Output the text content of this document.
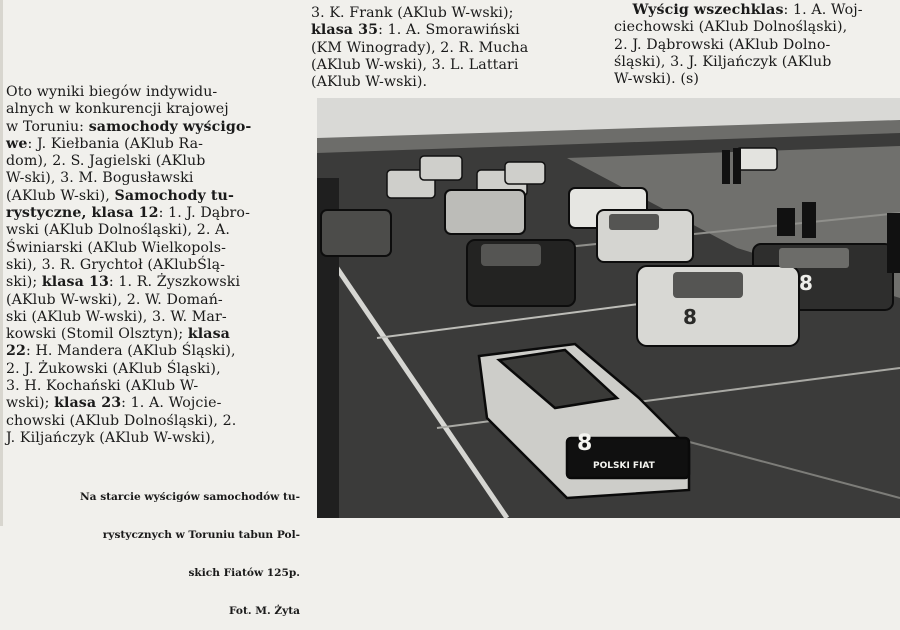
Oto wyniki biegów indywidu-
alnych w konkurencji krajowej
w Toruniu: samochody wyścigo-
we: J. Kiełbania (AKlub Ra-
dom), 2. S. Jagielski (AKlub
W-ski), 3. M. Bogusławski
(AKlub W-ski), Samochody tu-
rystyczne, klasa 12: 1. J. Dąbro-
wski (AKlub Dolnośląski), 2. A.
Świniarski (AKlub Wielkopols-
ski), 3. R. Grychtoł (AKlubŚlą-
ski); klasa 13: 1. R. Żyszkowski
(AKlub W-wski), 2. W. Domań-
ski (AKlub W-wski), 3. W. Mar-
kowski (Stomil Olsztyn); klasa
22: H. Mandera (AKlub Śląski),
2. J. Żukowski (AKlub Śląski),
3. H. Kochański (AKlub W-
wski); klasa 23: 1. A. Wojcie-
chowski (AKlub Dolnośląski), 2.
J. Kiljańczyk (AKlub W-wski),
3. K. Frank (AKlub W-wski);
klasa 35: 1. A. Smorawiński
(KM Winogrady), 2. R. Mucha
(AKlub W-wski), 3. L. Lattari
(AKlub W-wski).
Wyścig wszechklas: 1. A. Woj-
ciechowski (AKlub Dolnośląski),
2. J. Dąbrowski (AKlub Dolno-
śląski), 3. J. Kiljańczyk (AKlub
W-wski). (s)
8
8
8
POLSKI FIAT

Na starcie wyścigów samochodów tu-

rystycznych w Toruniu tabun Pol-

skich Fiatów 125p.

Fot. M. Żyta
